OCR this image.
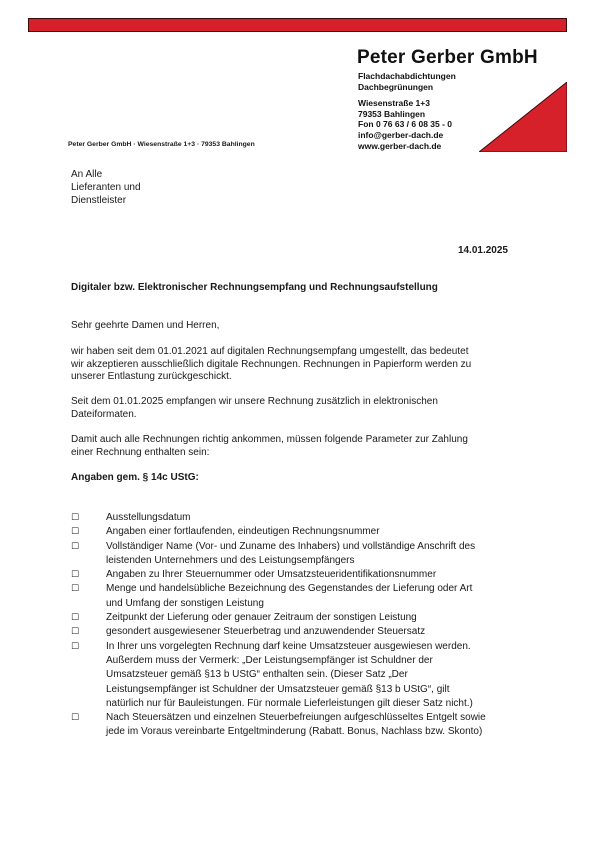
Peter Gerber GmbH
Flachdachabdichtungen
Dachbegrünungen
Wiesenstraße 1+3
79353 Bahlingen
Fon 0 76 63 / 6 08 35 - 0
info@gerber-dach.de
www.gerber-dach.de
Peter Gerber GmbH · Wiesenstraße 1+3 · 79353 Bahlingen
An Alle
Lieferanten und
Dienstleister
14.01.2025
Digitaler bzw. Elektronischer Rechnungsempfang und Rechnungsaufstellung
Sehr geehrte Damen und Herren,
wir haben seit dem 01.01.2021 auf digitalen Rechnungsempfang umgestellt, das bedeutet
wir akzeptieren ausschließlich digitale Rechnungen. Rechnungen in Papierform werden zu
unserer Entlastung zurückgeschickt.
Seit dem 01.01.2025 empfangen wir unsere Rechnung zusätzlich in elektronischen
Dateiformaten.
Damit auch alle Rechnungen richtig ankommen, müssen folgende Parameter zur Zahlung
einer Rechnung enthalten sein:
Angaben gem. § 14c UStG:
☐	Ausstellungsdatum
☐	Angaben einer fortlaufenden, eindeutigen Rechnungsnummer
☐	Vollständiger Name (Vor- und Zuname des Inhabers) und vollständige Anschrift des
leistenden Unternehmers und des Leistungsempfängers
☐	Angaben zu Ihrer Steuernummer oder Umsatzsteueridentifikationsnummer
☐	Menge und handelsübliche Bezeichnung des Gegenstandes der Lieferung oder Art
und Umfang der sonstigen Leistung
☐	Zeitpunkt der Lieferung oder genauer Zeitraum der sonstigen Leistung
☐	gesondert ausgewiesener Steuerbetrag und anzuwendender Steuersatz
☐	In Ihrer uns vorgelegten Rechnung darf keine Umsatzsteuer ausgewiesen werden.
Außerdem muss der Vermerk: „Der Leistungsempfänger ist Schuldner der
Umsatzsteuer gemäß §13 b UStG“ enthalten sein. (Dieser Satz „Der
Leistungsempfänger ist Schuldner der Umsatzsteuer gemäß §13 b UStG“, gilt
natürlich nur für Bauleistungen. Für normale Lieferleistungen gilt dieser Satz nicht.)
☐	Nach Steuersätzen und einzelnen Steuerbefreiungen aufgeschlüsseltes Entgelt sowie
jede im Voraus vereinbarte Entgeltminderung (Rabatt. Bonus, Nachlass bzw. Skonto)
